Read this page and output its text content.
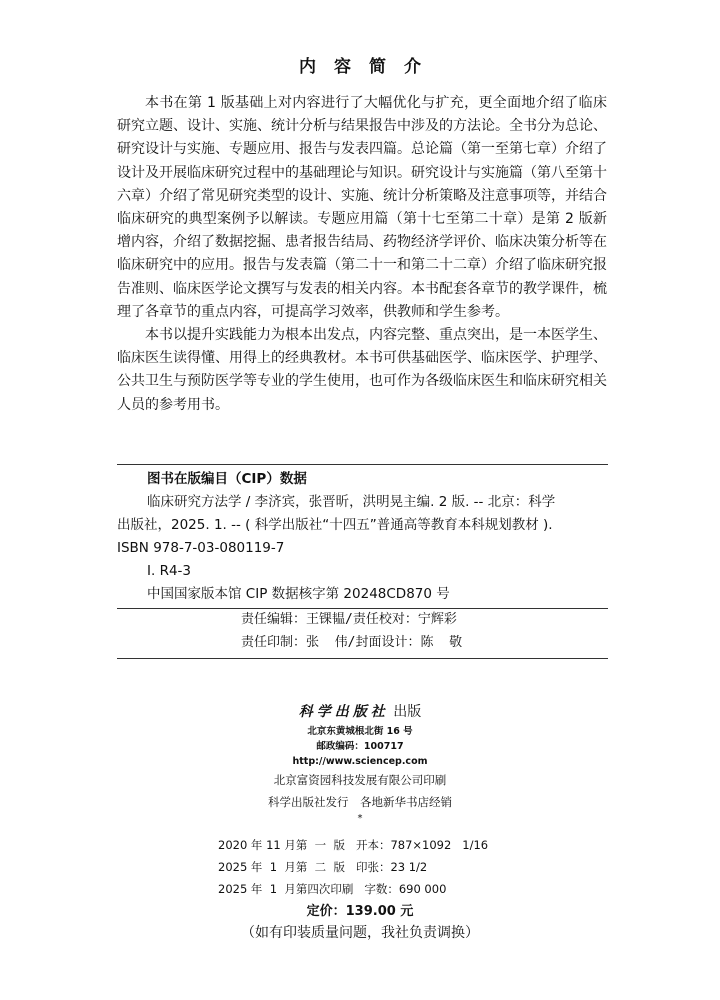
内 容 简 介

本书在第 1 版基础上对内容进行了大幅优化与扩充，更全面地介绍了临床研究立题、设计、实施、统计分析与结果报告中涉及的方法论。全书分为总论、研究设计与实施、专题应用、报告与发表四篇。总论篇（第一至第七章）介绍了设计及开展临床研究过程中的基础理论与知识。研究设计与实施篇（第八至第十六章）介绍了常见研究类型的设计、实施、统计分析策略及注意事项等，并结合临床研究的典型案例予以解读。专题应用篇（第十七至第二十章）是第 2 版新增内容，介绍了数据挖掘、患者报告结局、药物经济学评价、临床决策分析等在临床研究中的应用。报告与发表篇（第二十一和第二十二章）介绍了临床研究报告准则、临床医学论文撰写与发表的相关内容。本书配套各章节的教学课件，梳理了各章节的重点内容，可提高学习效率，供教师和学生参考。

本书以提升实践能力为根本出发点，内容完整、重点突出，是一本医学生、临床医生读得懂、用得上的经典教材。本书可供基础医学、临床医学、护理学、公共卫生与预防医学等专业的学生使用，也可作为各级临床医生和临床研究相关人员的参考用书。

图书在版编目（CIP）数据
临床研究方法学 / 李济宾，张晋昕，洪明晃主编. 2 版. -- 北京：科学
出版社，2025. 1. -- ( 科学出版社“十四五”普通高等教育本科规划教材 ).
ISBN 978-7-03-080119-7
Ⅰ. R4-3
中国国家版本馆 CIP 数据核字第 20248CD870 号
责任编辑：王锞韫/责任校对：宁辉彩
责任印制：张  伟/封面设计：陈  敬
科学出版社 出版
北京东黄城根北街 16 号
邮政编码：100717
http://www.sciencep.com
北京富资园科技发展有限公司印刷
科学出版社发行　各地新华书店经销
*
2020 年 11 月第  一  版   开本：787×1092   1/16
2025 年  1  月第  二  版   印张：23 1/2
2025 年  1  月第四次印刷   字数：690 000
定价：139.00 元
（如有印装质量问题，我社负责调换）
